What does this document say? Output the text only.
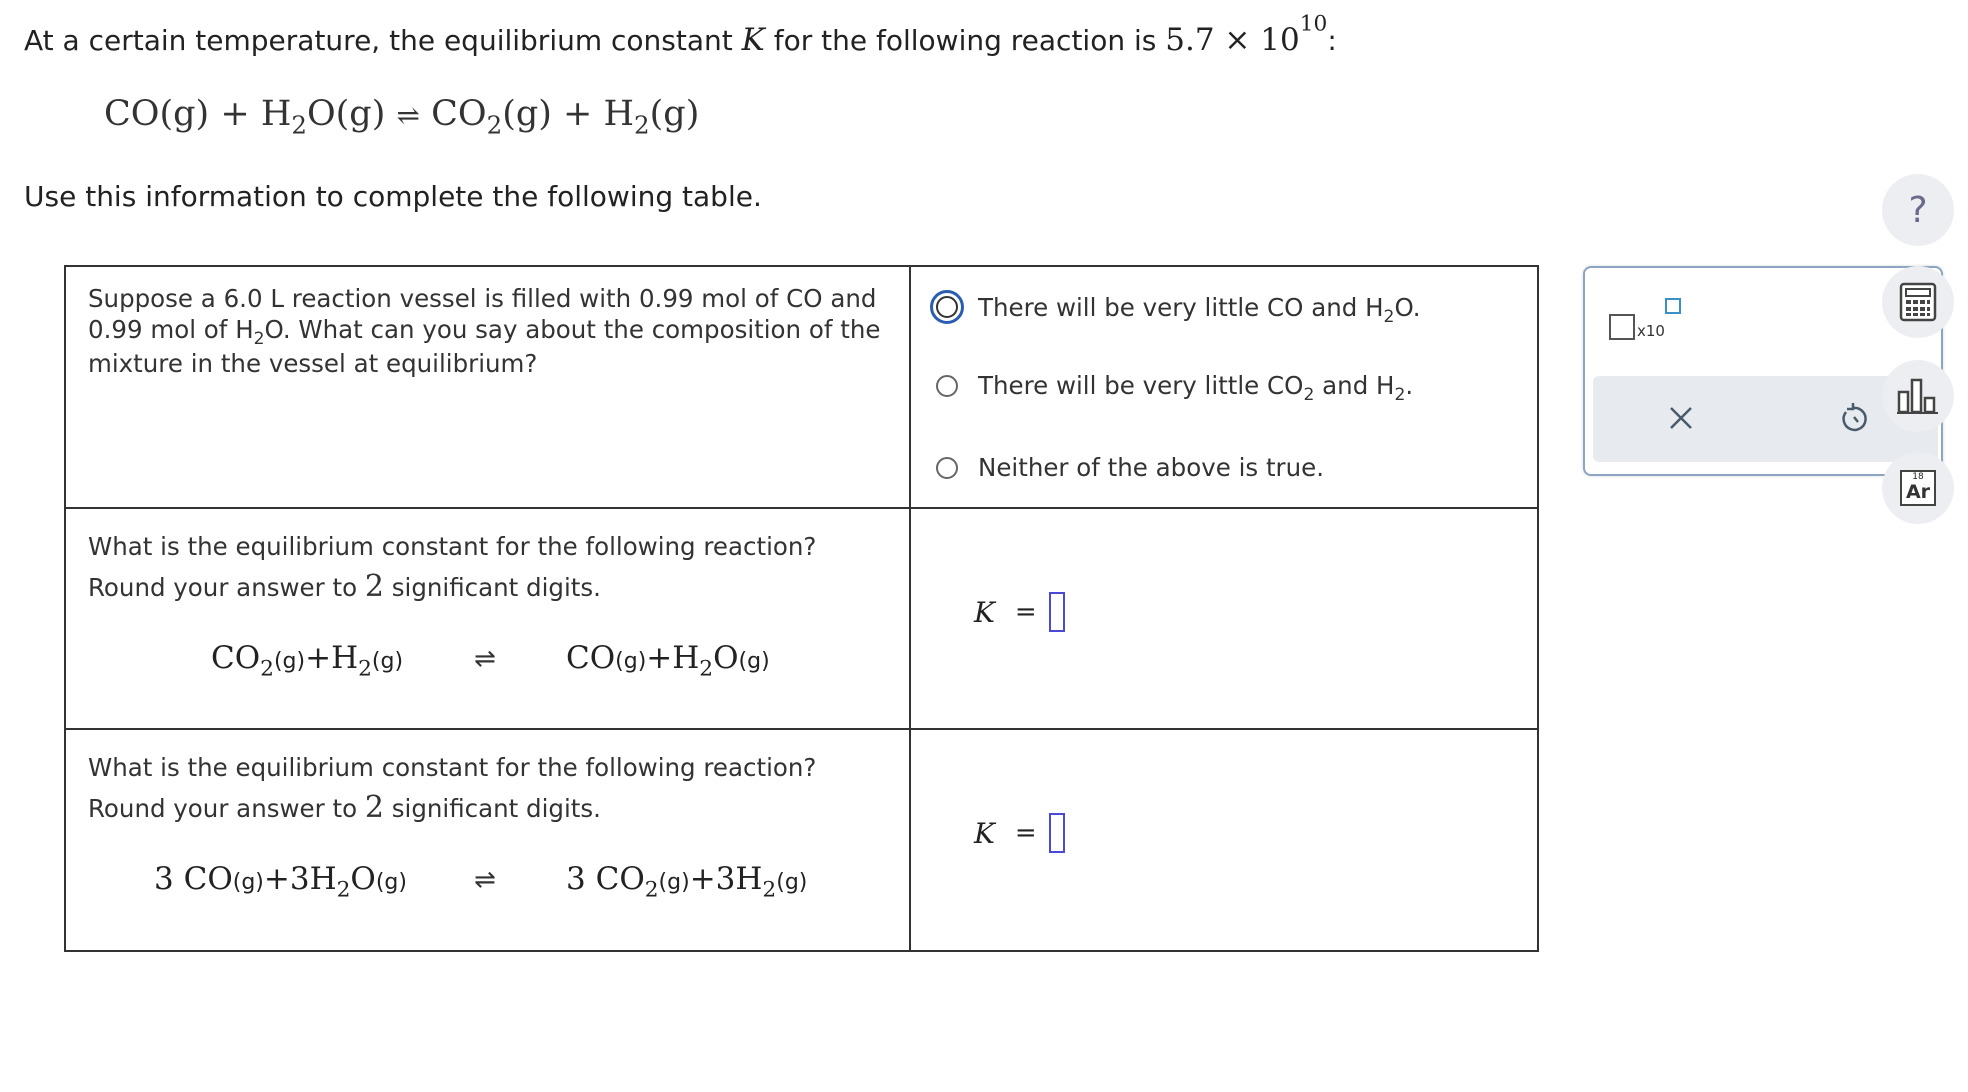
At a certain temperature, the equilibrium constant K for the following reaction is $5.7 \times 10^{10}$:
$CO(g) + H_2O(g)$ ⇌ $CO_2(g) + H_2(g)$
Use this information to complete the following table.	?
Suppose a 6.0 L reaction vessel is filled with 0.99 mol of CO and
0.99 mol of $H_2O$. What can you say about the composition of the
mixture in the vessel at equilibrium?
There will be very little CO and $H_2O$.
There will be very little $CO_2$ and $H_2$.
Neither of the above is true.
What is the equilibrium constant for the following reaction?
Round your answer to 2 significant digits.
$CO_2(g)+H_2(g)$	⇌ $CO(g)+H_2O(g)$
K =
What is the equilibrium constant for the following reaction?
Round your answer to 2 significant digits.
3 $CO(g)+3H_2O(g)$	⇌ 3 $CO_2(g)+3H_2(g)$
K =
x10
18
Ar
